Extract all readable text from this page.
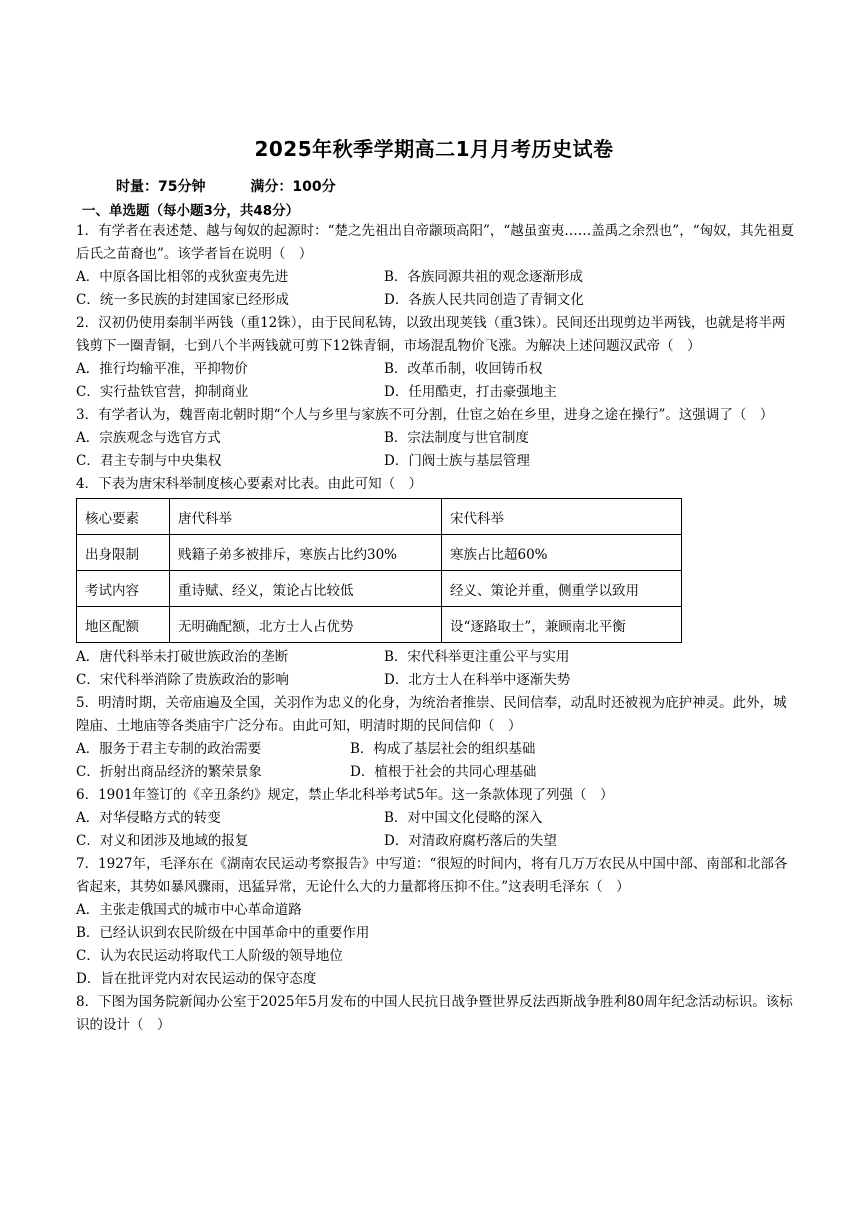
2025年秋季学期高二1月月考历史试卷
时量：75分钟	满分：100分
一、单选题（每小题3分，共48分）
1．有学者在表述楚、越与匈奴的起源时：“楚之先祖出自帝颛顼高阳”，“越虽蛮夷……盖禹之余烈也”，“匈奴，其先祖夏后氏之苗裔也”。该学者旨在说明（　）
A．中原各国比相邻的戎狄蛮夷先进	B．各族同源共祖的观念逐渐形成
C．统一多民族的封建国家已经形成	D．各族人民共同创造了青铜文化
2．汉初仍使用秦制半两钱（重12铢），由于民间私铸，以致出现荚钱（重3铢）。民间还出现剪边半两钱，也就是将半两钱剪下一圈青铜，七到八个半两钱就可剪下12铢青铜，市场混乱物价飞涨。为解决上述问题汉武帝（　）
A．推行均输平准，平抑物价	B．改革币制，收回铸币权
C．实行盐铁官营，抑制商业	D．任用酷吏，打击豪强地主
3．有学者认为，魏晋南北朝时期“个人与乡里与家族不可分割，仕宦之始在乡里，进身之途在操行”。这强调了（　）
A．宗族观念与选官方式	B．宗法制度与世官制度
C．君主专制与中央集权	D．门阀士族与基层管理
4．下表为唐宋科举制度核心要素对比表。由此可知（　）
核心要素	唐代科举	宋代科举
出身限制	贱籍子弟多被排斥，寒族占比约30%	寒族占比超60%
考试内容	重诗赋、经义，策论占比较低	经义、策论并重，侧重学以致用
地区配额	无明确配额，北方士人占优势	设“逐路取士”，兼顾南北平衡
A．唐代科举未打破世族政治的垄断	B．宋代科举更注重公平与实用
C．宋代科举消除了贵族政治的影响	D．北方士人在科举中逐渐失势
5．明清时期，关帝庙遍及全国，关羽作为忠义的化身，为统治者推崇、民间信奉，动乱时还被视为庇护神灵。此外，城隍庙、土地庙等各类庙宇广泛分布。由此可知，明清时期的民间信仰（　）
A．服务于君主专制的政治需要	B．构成了基层社会的组织基础
C．折射出商品经济的繁荣景象	D．植根于社会的共同心理基础
6．1901年签订的《辛丑条约》规定，禁止华北科举考试5年。这一条款体现了列强（　）
A．对华侵略方式的转变	B．对中国文化侵略的深入
C．对义和团涉及地域的报复	D．对清政府腐朽落后的失望
7．1927年，毛泽东在《湖南农民运动考察报告》中写道：“很短的时间内，将有几万万农民从中国中部、南部和北部各省起来，其势如暴风骤雨，迅猛异常，无论什么大的力量都将压抑不住。”这表明毛泽东（　）
A．主张走俄国式的城市中心革命道路
B．已经认识到农民阶级在中国革命中的重要作用
C．认为农民运动将取代工人阶级的领导地位
D．旨在批评党内对农民运动的保守态度
8．下图为国务院新闻办公室于2025年5月发布的中国人民抗日战争暨世界反法西斯战争胜利80周年纪念活动标识。该标识的设计（　）
